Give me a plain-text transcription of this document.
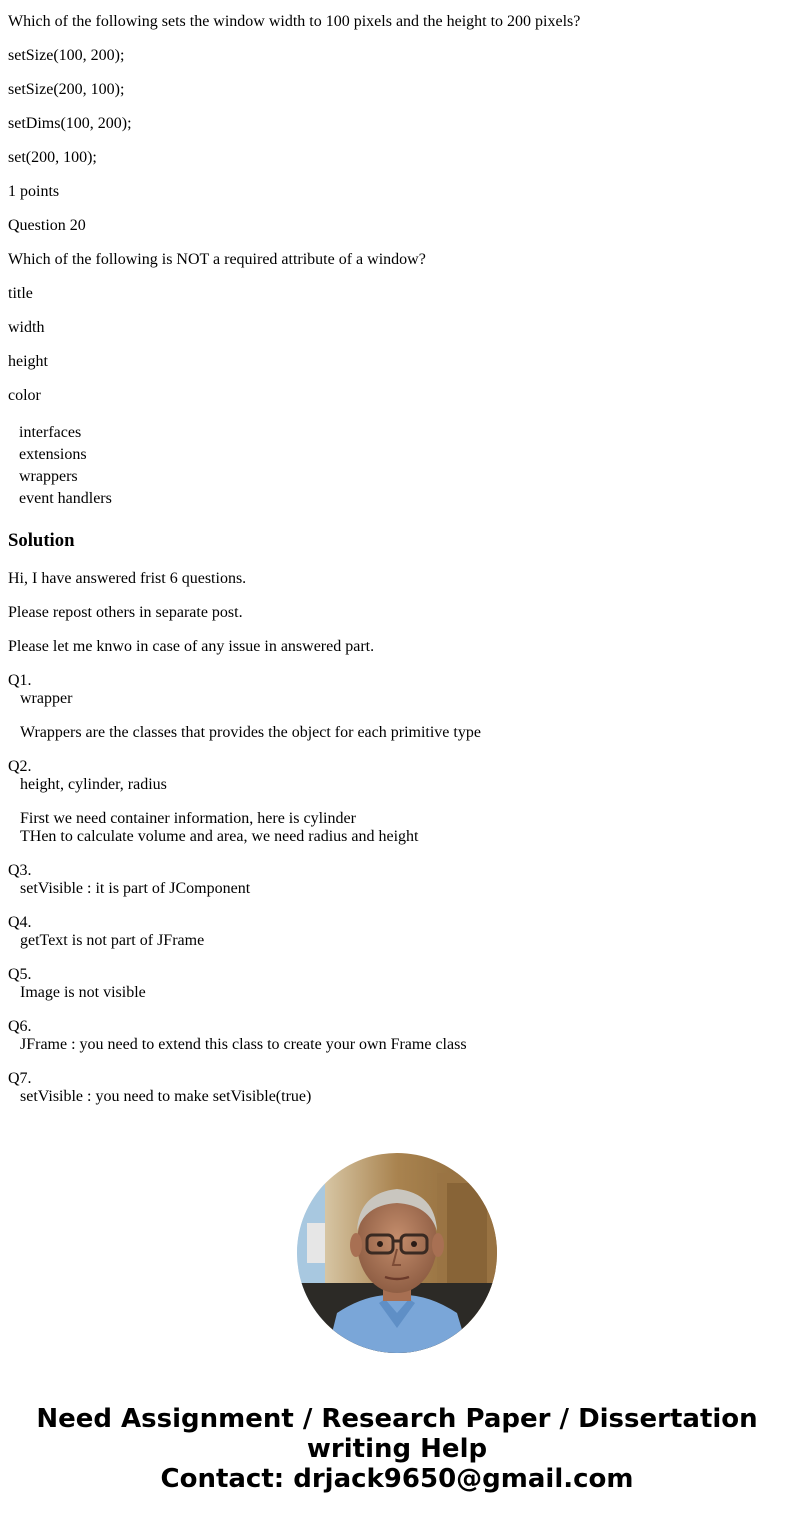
Which of the following sets the window width to 100 pixels and the height to 200 pixels?
setSize(100, 200);
setSize(200, 100);
setDims(100, 200);
set(200, 100);
1 points
Question 20
Which of the following is NOT a required attribute of a window?
title
width
height
color
interfaces
extensions
wrappers
event handlers
Solution
Hi, I have answered frist 6 questions.
Please repost others in separate post.
Please let me knwo in case of any issue in answered part.
Q1.
wrapper
Wrappers are the classes that provides the object for each primitive type
Q2.
height, cylinder, radius
First we need container information, here is cylinder
THen to calculate volume and area, we need radius and height
Q3.
setVisible : it is part of JComponent
Q4.
getText is not part of JFrame
Q5.
Image is not visible
Q6.
JFrame : you need to extend this class to create your own Frame class
Q7.
setVisible : you need to make setVisible(true)
Need Assignment / Research Paper / Dissertation
writing Help
Contact: drjack9650@gmail.com
